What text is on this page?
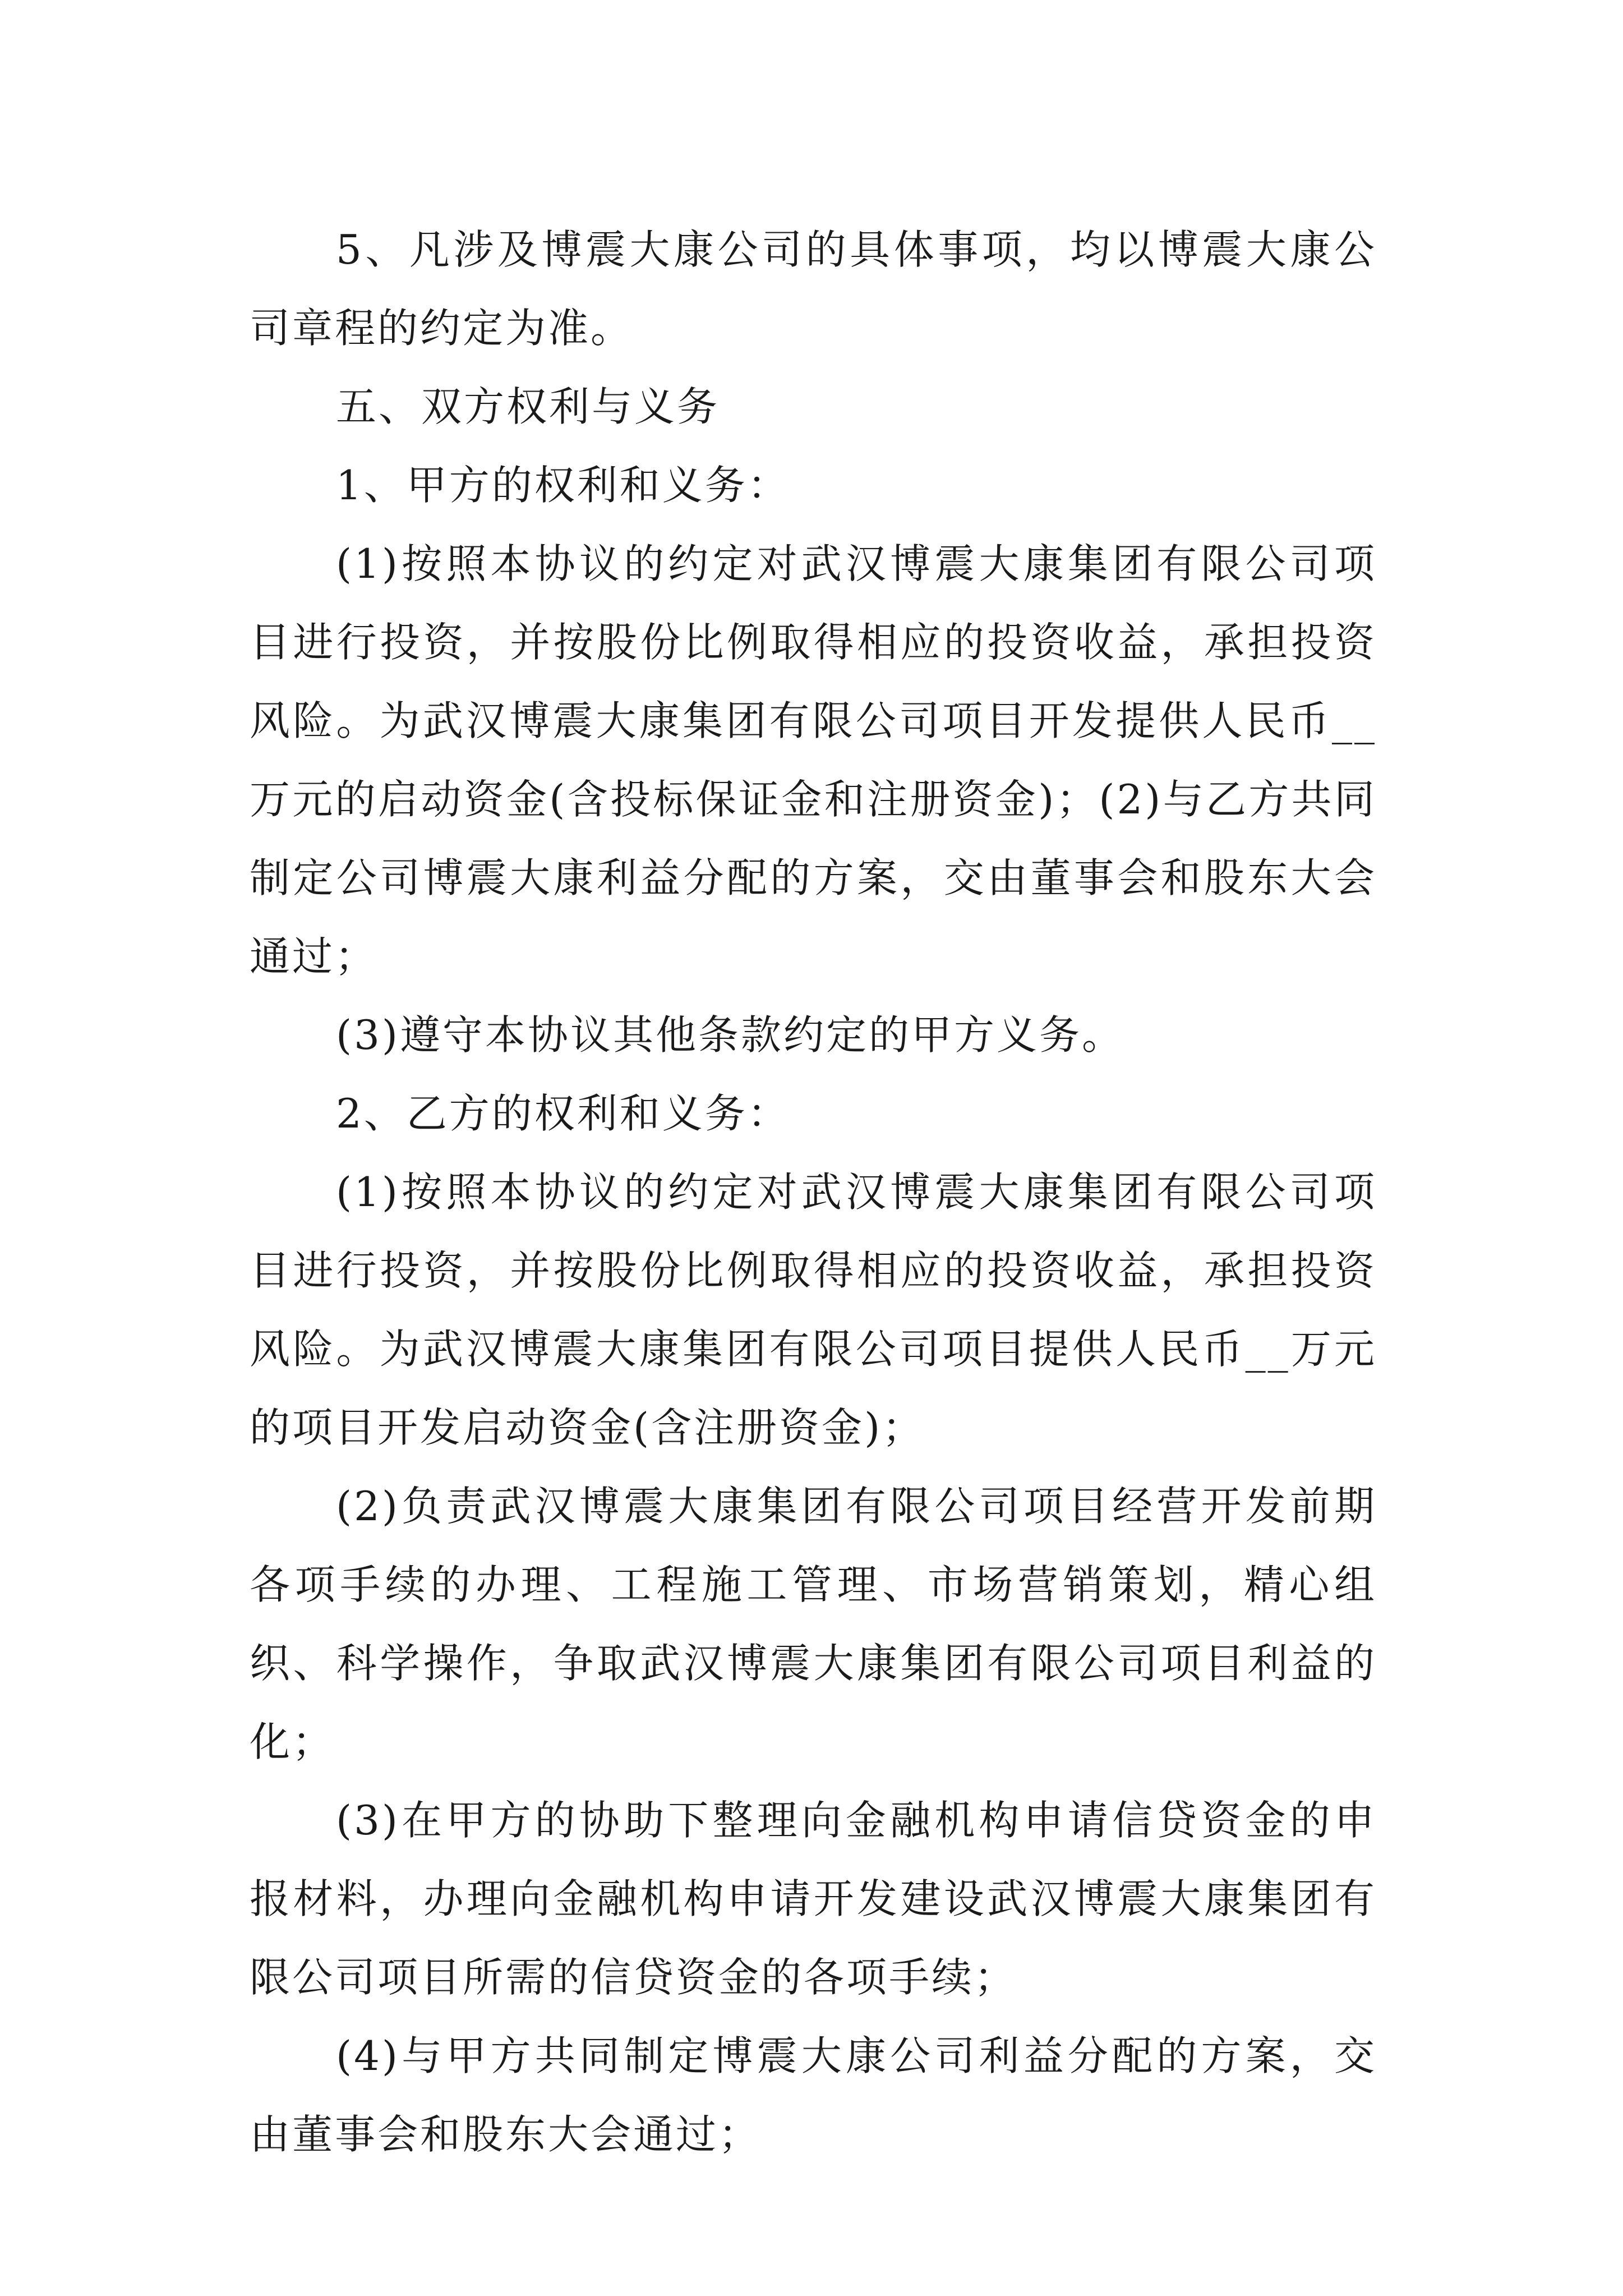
5、凡涉及博震大康公司的具体事项，均以博震大康公司章程的约定为准。

五、双方权利与义务

1、甲方的权利和义务：

(1)按照本协议的约定对武汉博震大康集团有限公司项目进行投资，并按股份比例取得相应的投资收益，承担投资风险。为武汉博震大康集团有限公司项目开发提供人民币__万元的启动资金(含投标保证金和注册资金)；(2)与乙方共同制定公司博震大康利益分配的方案，交由董事会和股东大会通过；

(3)遵守本协议其他条款约定的甲方义务。

2、乙方的权利和义务：

(1)按照本协议的约定对武汉博震大康集团有限公司项目进行投资，并按股份比例取得相应的投资收益，承担投资风险。为武汉博震大康集团有限公司项目提供人民币__万元的项目开发启动资金(含注册资金)；

(2)负责武汉博震大康集团有限公司项目经营开发前期各项手续的办理、工程施工管理、市场营销策划，精心组织、科学操作，争取武汉博震大康集团有限公司项目利益的化；

(3)在甲方的协助下整理向金融机构申请信贷资金的申报材料，办理向金融机构申请开发建设武汉博震大康集团有限公司项目所需的信贷资金的各项手续；

(4)与甲方共同制定博震大康公司利益分配的方案，交由董事会和股东大会通过；
